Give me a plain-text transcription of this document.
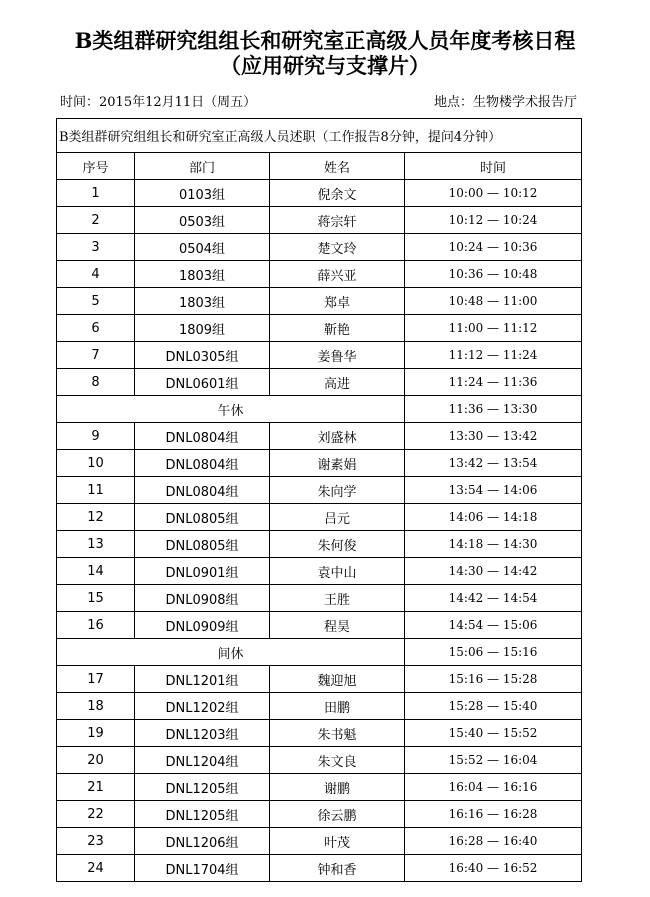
B类组群研究组组长和研究室正高级人员年度考核日程
（应用研究与支撑片）
时间：2015年12月11日（周五）	地点：生物楼学术报告厅
B类组群研究组组长和研究室正高级人员述职（工作报告8分钟，提问4分钟）			
序号	部门	姓名	时间
1	0103组	倪余文	10:00 — 10:12
2	0503组	蒋宗轩	10:12 — 10:24
3	0504组	楚文玲	10:24 — 10:36
4	1803组	薛兴亚	10:36 — 10:48
5	1803组	郑卓	10:48 — 11:00
6	1809组	靳艳	11:00 — 11:12
7	DNL0305组	姜鲁华	11:12 — 11:24
8	DNL0601组	高进	11:24 — 11:36
午休			11:36 — 13:30
9	DNL0804组	刘盛林	13:30 — 13:42
10	DNL0804组	谢素娟	13:42 — 13:54
11	DNL0804组	朱向学	13:54 — 14:06
12	DNL0805组	吕元	14:06 — 14:18
13	DNL0805组	朱何俊	14:18 — 14:30
14	DNL0901组	袁中山	14:30 — 14:42
15	DNL0908组	王胜	14:42 — 14:54
16	DNL0909组	程昊	14:54 — 15:06
间休			15:06 — 15:16
17	DNL1201组	魏迎旭	15:16 — 15:28
18	DNL1202组	田鹏	15:28 — 15:40
19	DNL1203组	朱书魁	15:40 — 15:52
20	DNL1204组	朱文良	15:52 — 16:04
21	DNL1205组	谢鹏	16:04 — 16:16
22	DNL1205组	徐云鹏	16:16 — 16:28
23	DNL1206组	叶茂	16:28 — 16:40
24	DNL1704组	钟和香	16:40 — 16:52
